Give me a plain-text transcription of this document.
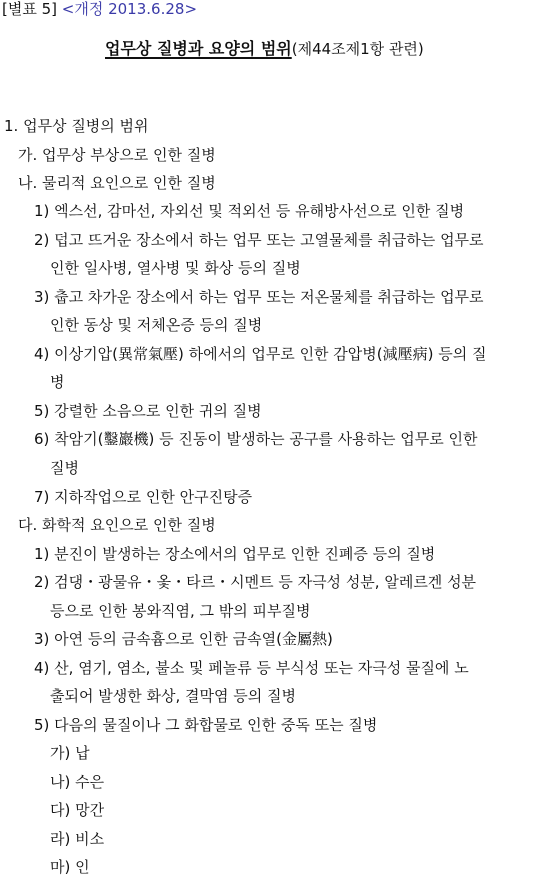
[별표 5] <개정 2013.6.28>
업무상 질병과 요양의 범위(제44조제1항 관련)
1. 업무상 질병의 범위
가. 업무상 부상으로 인한 질병
나. 물리적 요인으로 인한 질병
1) 엑스선, 감마선, 자외선 및 적외선 등 유해방사선으로 인한 질병
2) 덥고 뜨거운 장소에서 하는 업무 또는 고열물체를 취급하는 업무로
인한 일사병, 열사병 및 화상 등의 질병
3) 춥고 차가운 장소에서 하는 업무 또는 저온물체를 취급하는 업무로
인한 동상 및 저체온증 등의 질병
4) 이상기압(異常氣壓) 하에서의 업무로 인한 감압병(減壓病) 등의 질
병
5) 강렬한 소음으로 인한 귀의 질병
6) 착암기(鑿巖機) 등 진동이 발생하는 공구를 사용하는 업무로 인한
질병
7) 지하작업으로 인한 안구진탕증
다. 화학적 요인으로 인한 질병
1) 분진이 발생하는 장소에서의 업무로 인한 진폐증 등의 질병
2) 검댕・광물유・옻・타르・시멘트 등 자극성 성분, 알레르겐 성분
등으로 인한 봉와직염, 그 밖의 피부질병
3) 아연 등의 금속흄으로 인한 금속열(金屬熱)
4) 산, 염기, 염소, 불소 및 페놀류 등 부식성 또는 자극성 물질에 노
출되어 발생한 화상, 결막염 등의 질병
5) 다음의 물질이나 그 화합물로 인한 중독 또는 질병
가) 납
나) 수은
다) 망간
라) 비소
마) 인
